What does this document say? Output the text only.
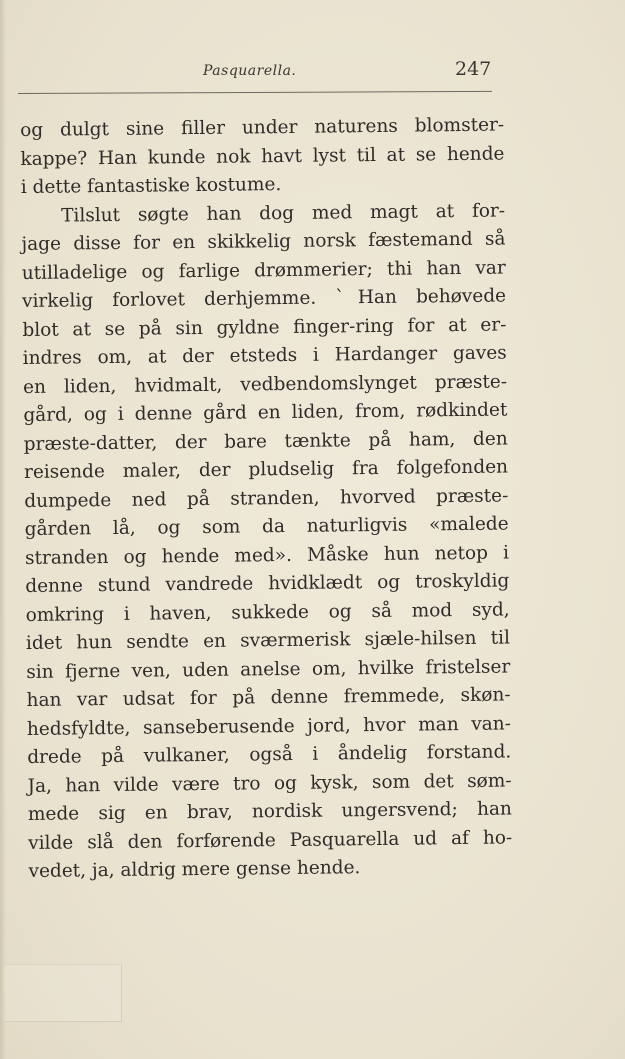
Pasquarella.	247
og dulgt sine filler under naturens blomster-
kappe? Han kunde nok havt lyst til at se hende
i dette fantastiske kostume.
Tilslut søgte han dog med magt at for-
jage disse for en skikkelig norsk fæstemand så
utilladelige og farlige drømmerier; thi han var
virkelig forlovet derhjemme. ˋHan behøvede
blot at se på sin gyldne finger-ring for at er-
indres om, at der etsteds i Hardanger gaves
en liden, hvidmalt, vedbendomslynget præste-
gård, og i denne gård en liden, from, rødkindet
præste-datter, der bare tænkte på ham, den
reisende maler, der pludselig fra folgefonden
dumpede ned på stranden, hvorved præste-
gården lå, og som da naturligvis «malede
stranden og hende med». Måske hun netop i
denne stund vandrede hvidklædt og troskyldig
omkring i haven, sukkede og så mod syd,
idet hun sendte en sværmerisk sjæle-hilsen til
sin fjerne ven, uden anelse om, hvilke fristelser
han var udsat for på denne fremmede, skøn-
hedsfyldte, sanseberusende jord, hvor man van-
drede på vulkaner, også i åndelig forstand.
Ja, han vilde være tro og kysk, som det søm-
mede sig en brav, nordisk ungersvend; han
vilde slå den forførende Pasquarella ud af ho-
vedet, ja, aldrig mere gense hende.
